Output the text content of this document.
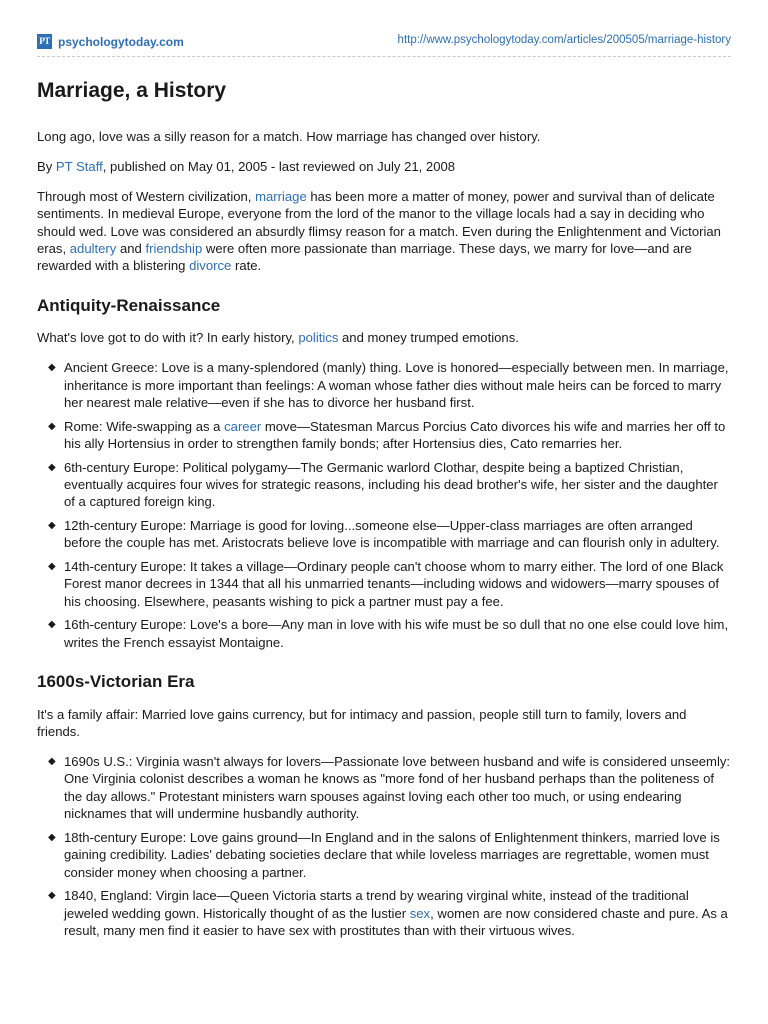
PT psychologytoday.com	http://www.psychologytoday.com/articles/200505/marriage-history
Marriage, a History

Long ago, love was a silly reason for a match. How marriage has changed over history.

By PT Staff, published on May 01, 2005 - last reviewed on July 21, 2008

Through most of Western civilization, marriage has been more a matter of money, power and survival than of delicate sentiments. In medieval Europe, everyone from the lord of the manor to the village locals had a say in deciding who should wed. Love was considered an absurdly flimsy reason for a match. Even during the Enlightenment and Victorian eras, adultery and friendship were often more passionate than marriage. These days, we marry for love—and are rewarded with a blistering divorce rate.

Antiquity-Renaissance

What's love got to do with it? In early history, politics and money trumped emotions.

◆ Ancient Greece: Love is a many-splendored (manly) thing. Love is honored—especially between men. In marriage, inheritance is more important than feelings: A woman whose father dies without male heirs can be forced to marry her nearest male relative—even if she has to divorce her husband first.
◆ Rome: Wife-swapping as a career move—Statesman Marcus Porcius Cato divorces his wife and marries her off to his ally Hortensius in order to strengthen family bonds; after Hortensius dies, Cato remarries her.
◆ 6th-century Europe: Political polygamy—The Germanic warlord Clothar, despite being a baptized Christian, eventually acquires four wives for strategic reasons, including his dead brother's wife, her sister and the daughter of a captured foreign king.
◆ 12th-century Europe: Marriage is good for loving...someone else—Upper-class marriages are often arranged before the couple has met. Aristocrats believe love is incompatible with marriage and can flourish only in adultery.
◆ 14th-century Europe: It takes a village—Ordinary people can't choose whom to marry either. The lord of one Black Forest manor decrees in 1344 that all his unmarried tenants—including widows and widowers—marry spouses of his choosing. Elsewhere, peasants wishing to pick a partner must pay a fee.
◆ 16th-century Europe: Love's a bore—Any man in love with his wife must be so dull that no one else could love him, writes the French essayist Montaigne.
1600s-Victorian Era

It's a family affair: Married love gains currency, but for intimacy and passion, people still turn to family, lovers and friends.

◆ 1690s U.S.: Virginia wasn't always for lovers—Passionate love between husband and wife is considered unseemly: One Virginia colonist describes a woman he knows as "more fond of her husband perhaps than the politeness of the day allows." Protestant ministers warn spouses against loving each other too much, or using endearing nicknames that will undermine husbandly authority.
◆ 18th-century Europe: Love gains ground—In England and in the salons of Enlightenment thinkers, married love is gaining credibility. Ladies' debating societies declare that while loveless marriages are regrettable, women must consider money when choosing a partner.
◆ 1840, England: Virgin lace—Queen Victoria starts a trend by wearing virginal white, instead of the traditional jeweled wedding gown. Historically thought of as the lustier sex, women are now considered chaste and pure. As a result, many men find it easier to have sex with prostitutes than with their virtuous wives.
